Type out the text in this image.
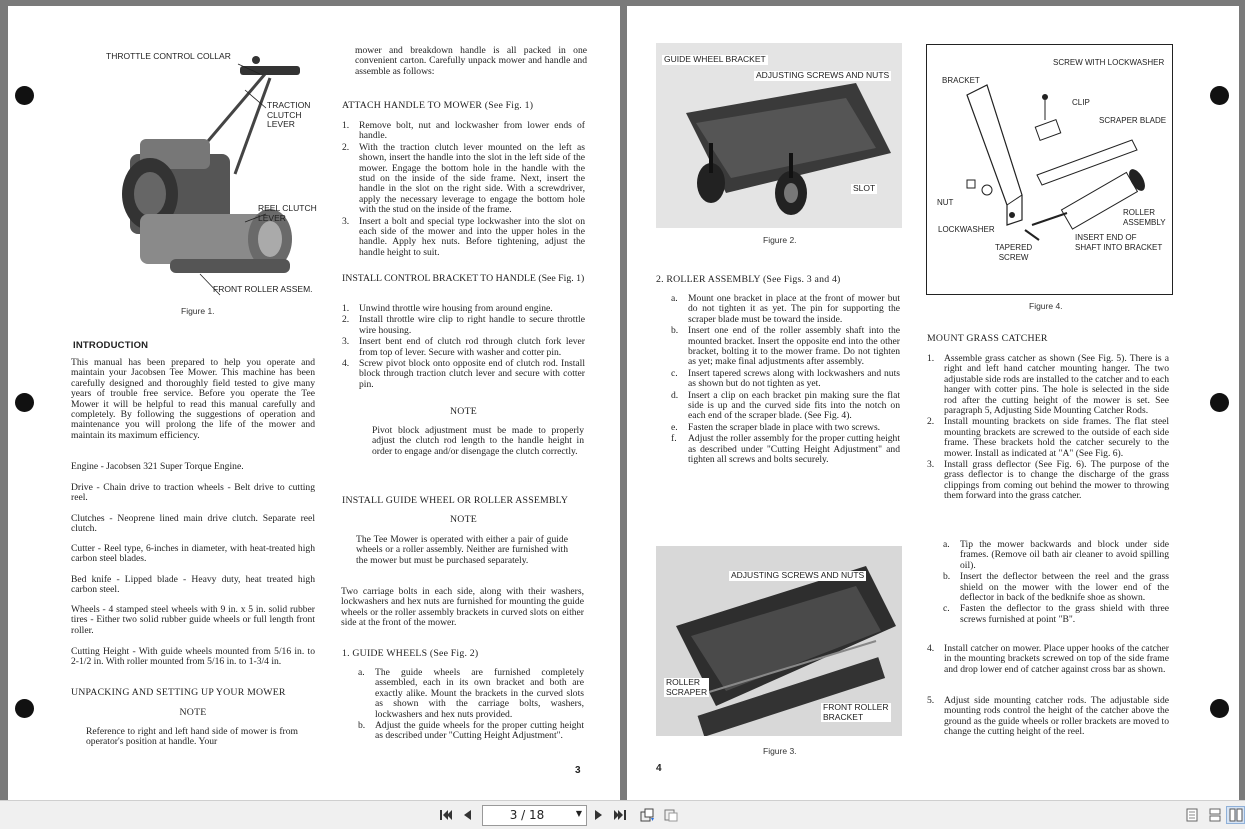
THROTTLE CONTROL COLLAR
TRACTION
CLUTCH
LEVER
REEL CLUTCH
LEVER
FRONT ROLLER ASSEM.
Figure 1.
INTRODUCTION
This manual has been prepared to help you operate and maintain your Jacobsen Tee Mower. This machine has been carefully designed and thoroughly field tested to give many years of trouble free service. Before you operate the Tee Mower it will be helpful to read this manual carefully and completely. By following the suggestions of operation and maintenance you will prolong the life of the mower and maintain its maximum efficiency.
Engine - Jacobsen 321 Super Torque Engine.
Drive - Chain drive to traction wheels - Belt drive to cutting reel.
Clutches - Neoprene lined main drive clutch. Separate reel clutch.
Cutter - Reel type, 6-inches in diameter, with heat-treated high carbon steel blades.
Bed knife - Lipped blade - Heavy duty, heat treated high carbon steel.
Wheels - 4 stamped steel wheels with 9 in. x 5 in. solid rubber tires - Either two solid rubber guide wheels or full length front roller.
Cutting Height - With guide wheels mounted from 5/16 in. to 2-1/2 in. With roller mounted from 5/16 in. to 1-3/4 in.
UNPACKING AND SETTING UP YOUR MOWER
NOTE
Reference to right and left hand side of mower is from operator's position at handle. Your
mower and breakdown handle is all packed in one convenient carton. Carefully unpack mower and handle and assemble as follows:
ATTACH HANDLE TO MOWER (See Fig. 1)
1. Remove bolt, nut and lockwasher from lower ends of handle.
2. With the traction clutch lever mounted on the left as shown, insert the handle into the slot in the left side of the mower. Engage the bottom hole in the handle with the stud on the inside of the side frame. Next, insert the handle in the slot on the right side. With a screwdriver, apply the necessary leverage to engage the bottom hole with the stud on the inside of the frame.
3. Insert a bolt and special type lockwasher into the slot on each side of the mower and into the upper holes in the handle. Apply hex nuts. Before tightening, adjust the handle height to suit.
INSTALL CONTROL BRACKET TO HANDLE (See Fig. 1)
1. Unwind throttle wire housing from around engine.
2. Install throttle wire clip to right handle to secure throttle wire housing.
3. Insert bent end of clutch rod through clutch fork lever from top of lever. Secure with washer and cotter pin.
4. Screw pivot block onto opposite end of clutch rod. Install block through traction clutch lever and secure with cotter pin.
NOTE
Pivot block adjustment must be made to properly adjust the clutch rod length to the handle height in order to engage and/or disengage the clutch correctly.
INSTALL GUIDE WHEEL OR ROLLER ASSEMBLY
NOTE
The Tee Mower is operated with either a pair of guide wheels or a roller assembly. Neither are furnished with the mower but must be purchased separately.
Two carriage bolts in each side, along with their washers, lockwashers and hex nuts are furnished for mounting the guide wheels or the roller assembly brackets in curved slots on either side at the front of the mower.
1. GUIDE WHEELS (See Fig. 2)
a. The guide wheels are furnished completely assembled, each in its own bracket and both are exactly alike. Mount the brackets in the curved slots as shown with the carriage bolts, washers, lockwashers and hex nuts provided.
b. Adjust the guide wheels for the proper cutting height as described under "Cutting Height Adjustment".
3
GUIDE WHEEL BRACKET
ADJUSTING SCREWS AND NUTS
SLOT
Figure 2.
2. ROLLER ASSEMBLY (See Figs. 3 and 4)
a. Mount one bracket in place at the front of mower but do not tighten it as yet. The pin for supporting the scraper blade must be toward the inside.
b. Insert one end of the roller assembly shaft into the mounted bracket. Insert the opposite end into the other bracket, bolting it to the mower frame. Do not tighten as yet; make final adjustments after assembly.
c. Insert tapered screws along with lockwashers and nuts as shown but do not tighten as yet.
d. Insert a clip on each bracket pin making sure the flat side is up and the curved side fits into the notch on each end of the scraper blade. (See Fig. 4).
e. Fasten the scraper blade in place with two screws.
f. Adjust the roller assembly for the proper cutting height as described under "Cutting Height Adjustment" and tighten all screws and bolts securely.
ADJUSTING SCREWS AND NUTS
ROLLER
SCRAPER
FRONT ROLLER
BRACKET
Figure 3.
4
SCREW WITH LOCKWASHER
BRACKET
CLIP
SCRAPER BLADE
NUT
LOCKWASHER
TAPERED
SCREW
ROLLER
ASSEMBLY
INSERT END OF
SHAFT INTO BRACKET
Figure 4.
MOUNT GRASS CATCHER
1. Assemble grass catcher as shown (See Fig. 5). There is a right and left hand catcher mounting hanger. The two adjustable side rods are installed to the catcher and to each hanger with cotter pins. The hole is selected in the side rod after the cutting height of the mower is set. See paragraph 5, Adjusting Side Mounting Catcher Rods.
2. Install mounting brackets on side frames. The flat steel mounting brackets are screwed to the outside of each side frame. These brackets hold the catcher securely to the mower. Install as indicated at "A" (See Fig. 6).
3. Install grass deflector (See Fig. 6). The purpose of the grass deflector is to change the discharge of the grass clippings from coming out behind the mower to throwing them forward into the grass catcher.
a. Tip the mower backwards and block under side frames. (Remove oil bath air cleaner to avoid spilling oil).
b. Insert the deflector between the reel and the grass shield on the mower with the lower end of the deflector in back of the bedknife shoe as shown.
c. Fasten the deflector to the grass shield with three screws furnished at point "B".
4. Install catcher on mower. Place upper hooks of the catcher in the mounting brackets screwed on top of the side frame and drop lower end of catcher against cross bar as shown.
5. Adjust side mounting catcher rods. The adjustable side mounting rods control the height of the catcher above the ground as the guide wheels or roller brackets are moved to change the cutting height of the reel.
3 / 18	▼
